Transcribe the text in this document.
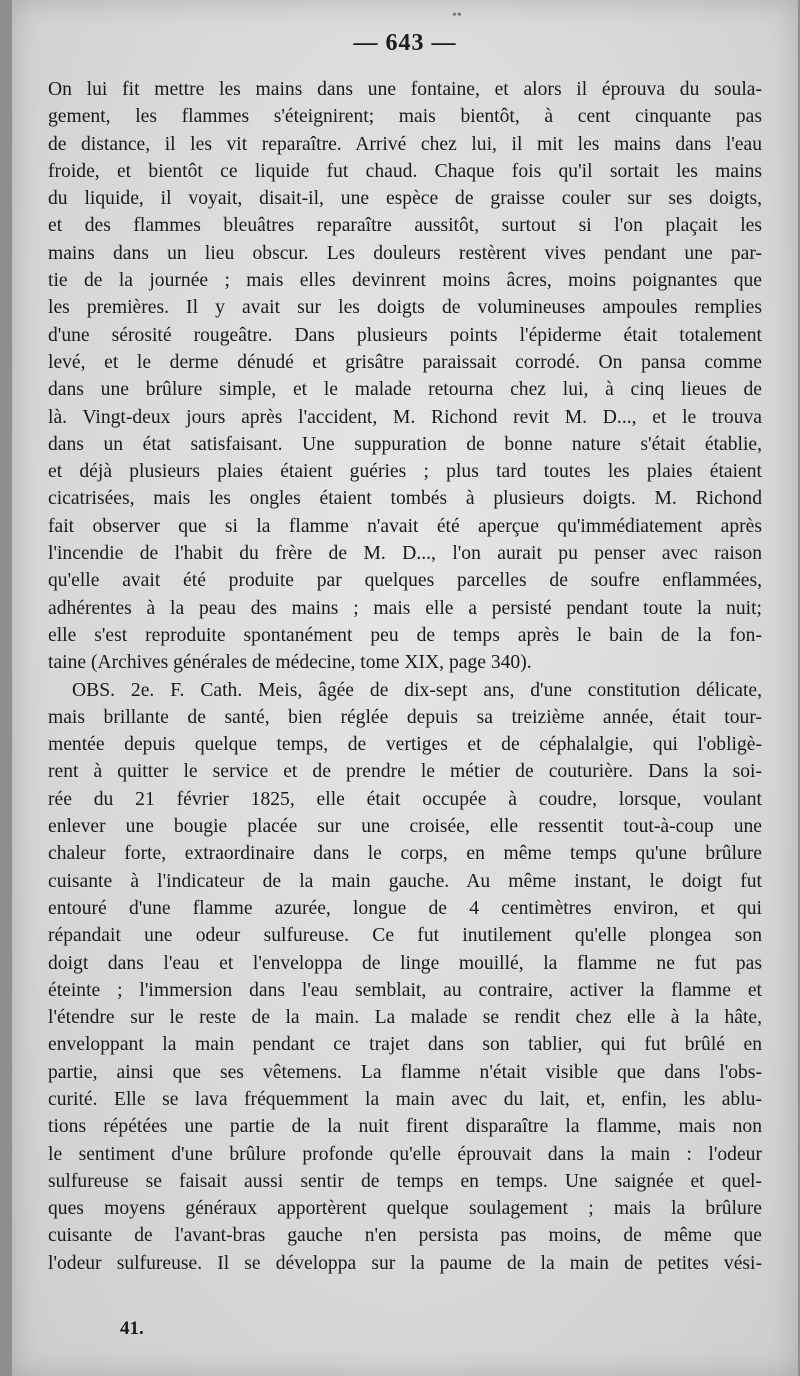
••
— 643 —
On lui fit mettre les mains dans une fontaine, et alors il éprouva du soula-
gement, les flammes s'éteignirent; mais bientôt, à cent cinquante pas
de distance, il les vit reparaître. Arrivé chez lui, il mit les mains dans l'eau
froide, et bientôt ce liquide fut chaud. Chaque fois qu'il sortait les mains
du liquide, il voyait, disait-il, une espèce de graisse couler sur ses doigts,
et des flammes bleuâtres reparaître aussitôt, surtout si l'on plaçait les
mains dans un lieu obscur. Les douleurs restèrent vives pendant une par-
tie de la journée ; mais elles devinrent moins âcres, moins poignantes que
les premières. Il y avait sur les doigts de volumineuses ampoules remplies
d'une sérosité rougeâtre. Dans plusieurs points l'épiderme était totalement
levé, et le derme dénudé et grisâtre paraissait corrodé. On pansa comme
dans une brûlure simple, et le malade retourna chez lui, à cinq lieues de
là. Vingt-deux jours après l'accident, M. Richond revit M. D..., et le trouva
dans un état satisfaisant. Une suppuration de bonne nature s'était établie,
et déjà plusieurs plaies étaient guéries ; plus tard toutes les plaies étaient
cicatrisées, mais les ongles étaient tombés à plusieurs doigts. M. Richond
fait observer que si la flamme n'avait été aperçue qu'immédiatement après
l'incendie de l'habit du frère de M. D..., l'on aurait pu penser avec raison
qu'elle avait été produite par quelques parcelles de soufre enflammées,
adhérentes à la peau des mains ; mais elle a persisté pendant toute la nuit;
elle s'est reproduite spontanément peu de temps après le bain de la fon-
taine (Archives générales de médecine, tome XIX, page 340).
OBS. 2e. F. Cath. Meis, âgée de dix-sept ans, d'une constitution délicate,
mais brillante de santé, bien réglée depuis sa treizième année, était tour-
mentée depuis quelque temps, de vertiges et de céphalalgie, qui l'obligè-
rent à quitter le service et de prendre le métier de couturière. Dans la soi-
rée du 21 février 1825, elle était occupée à coudre, lorsque, voulant
enlever une bougie placée sur une croisée, elle ressentit tout-à-coup une
chaleur forte, extraordinaire dans le corps, en même temps qu'une brûlure
cuisante à l'indicateur de la main gauche. Au même instant, le doigt fut
entouré d'une flamme azurée, longue de 4 centimètres environ, et qui
répandait une odeur sulfureuse. Ce fut inutilement qu'elle plongea son
doigt dans l'eau et l'enveloppa de linge mouillé, la flamme ne fut pas
éteinte ; l'immersion dans l'eau semblait, au contraire, activer la flamme et
l'étendre sur le reste de la main. La malade se rendit chez elle à la hâte,
enveloppant la main pendant ce trajet dans son tablier, qui fut brûlé en
partie, ainsi que ses vêtemens. La flamme n'était visible que dans l'obs-
curité. Elle se lava fréquemment la main avec du lait, et, enfin, les ablu-
tions répétées une partie de la nuit firent disparaître la flamme, mais non
le sentiment d'une brûlure profonde qu'elle éprouvait dans la main : l'odeur
sulfureuse se faisait aussi sentir de temps en temps. Une saignée et quel-
ques moyens généraux apportèrent quelque soulagement ; mais la brûlure
cuisante de l'avant-bras gauche n'en persista pas moins, de même que
l'odeur sulfureuse. Il se développa sur la paume de la main de petites vési-
41.
